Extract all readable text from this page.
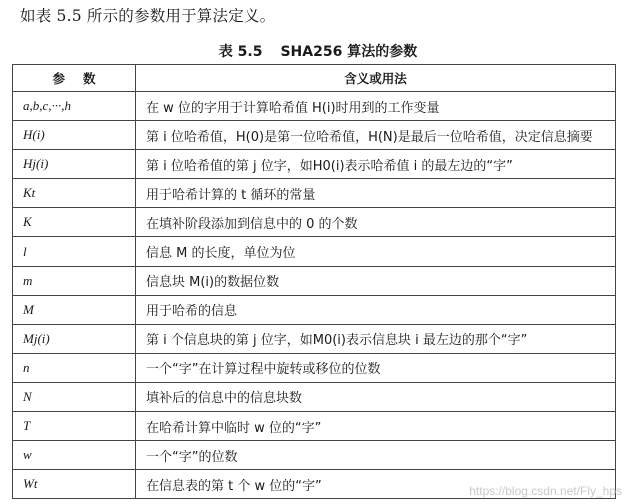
如表 5.5 所示的参数用于算法定义。
表 5.5 SHA256 算法的参数
参数	含义或用法
a,b,c,···,h	在 w 位的字用于计算哈希值 H(i)时用到的工作变量
H(i)	第 i 位哈希值，H(0)是第一位哈希值，H(N)是最后一位哈希值，决定信息摘要
Hj(i)	第 i 位哈希值的第 j 位字，如H0(i)表示哈希值 i 的最左边的“字”
Kt	用于哈希计算的 t 循环的常量
K	在填补阶段添加到信息中的 0 的个数
l	信息 M 的长度，单位为位
m	信息块 M(i)的数据位数
M	用于哈希的信息
Mj(i)	第 i 个信息块的第 j 位字，如M0(i)表示信息块 i 最左边的那个“字”
n	一个“字”在计算过程中旋转或移位的位数
N	填补后的信息中的信息块数
T	在哈希计算中临时 w 位的“字”
w	一个“字”的位数
Wt	在信息表的第 t 个 w 位的“字”	https://blog.csdn.net/Fly_hps
